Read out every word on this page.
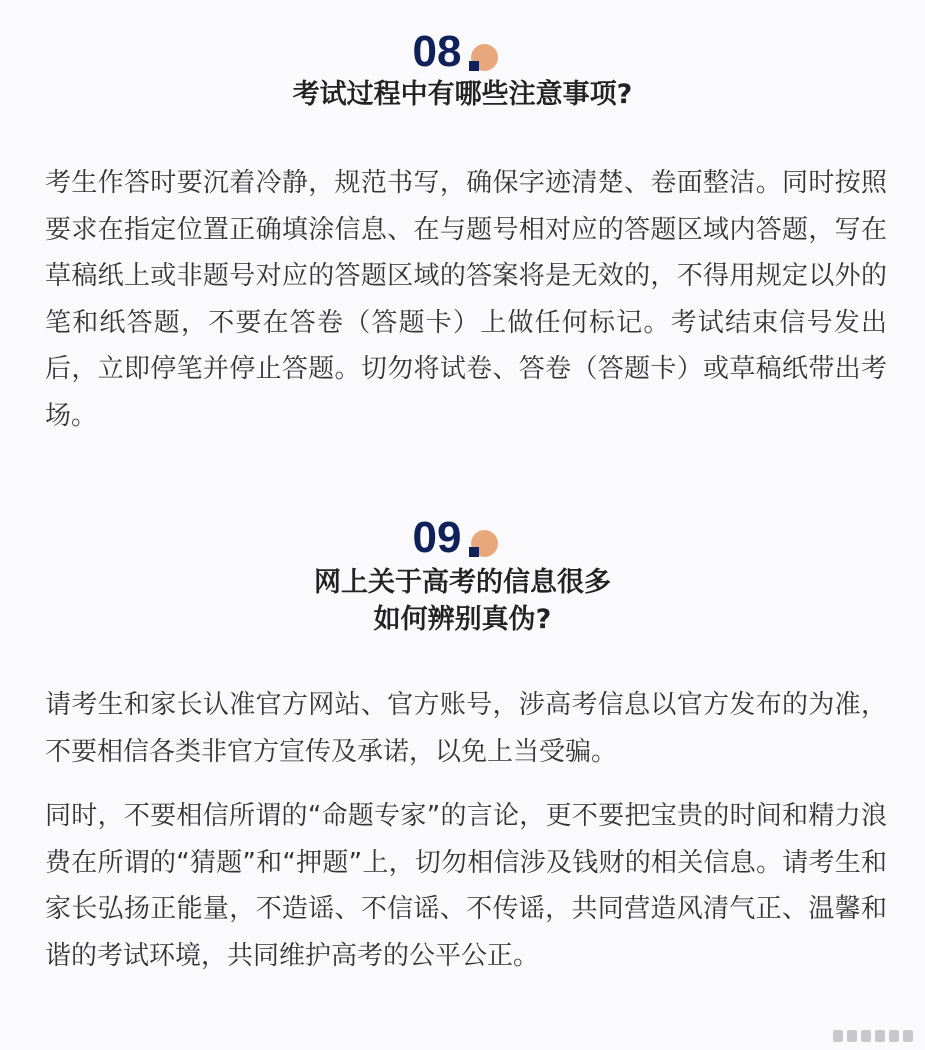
08
考试过程中有哪些注意事项?

考生作答时要沉着冷静，规范书写，确保字迹清楚、卷面整洁。同时按照要求在指定位置正确填涂信息、在与题号相对应的答题区域内答题，写在草稿纸上或非题号对应的答题区域的答案将是无效的，不得用规定以外的笔和纸答题，不要在答卷（答题卡）上做任何标记。考试结束信号发出后，立即停笔并停止答题。切勿将试卷、答卷（答题卡）或草稿纸带出考场。

09
网上关于高考的信息很多
如何辨别真伪?

请考生和家长认准官方网站、官方账号，涉高考信息以官方发布的为准，不要相信各类非官方宣传及承诺，以免上当受骗。

同时，不要相信所谓的“命题专家”的言论，更不要把宝贵的时间和精力浪费在所谓的“猜题”和“押题”上，切勿相信涉及钱财的相关信息。请考生和家长弘扬正能量，不造谣、不信谣、不传谣，共同营造风清气正、温馨和谐的考试环境，共同维护高考的公平公正。
